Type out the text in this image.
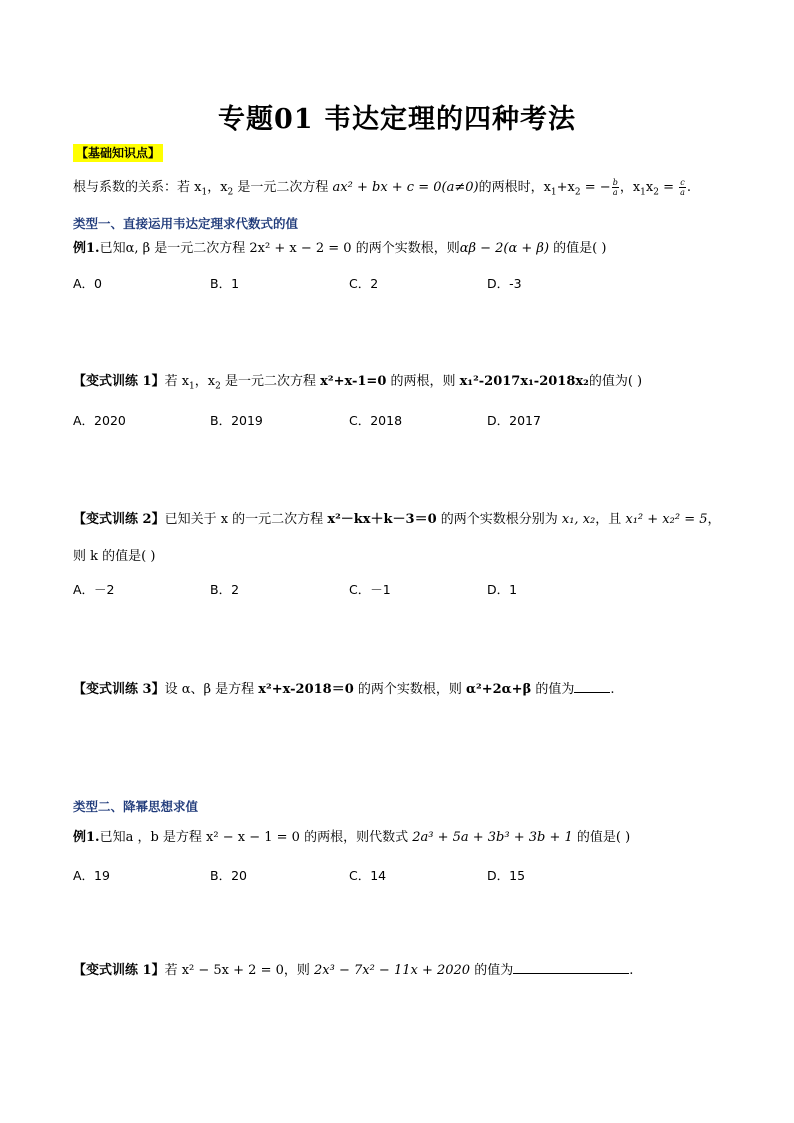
专题01 韦达定理的四种考法
【基础知识点】
根与系数的关系：若 $x_1$，$x_2$ 是一元二次方程 ax² + bx + c = 0(a≠0)的两根时，$x_1+x_2$ = − $\frac{b}{a}$ ，$x_1x_2 = \frac{c}{a}$ .
类型一、直接运用韦达定理求代数式的值
例1.已知α, β 是一元二次方程 2x² + x − 2 = 0 的两个实数根，则αβ − 2(α + β) 的值是( )
A．0	B．1	C．2	D．-3
【变式训练 1】若 $x_1$，$x_2$ 是一元二次方程 x²+x-1=0 的两根，则 x₁²-2017x₁-2018x₂的值为( )
A．2020	B．2019	C．2018	D．2017
【变式训练 2】已知关于 x 的一元二次方程 x²－kx＋k－3＝0 的两个实数根分别为 x₁, x₂，且 x₁² + x₂² = 5，
则 k 的值是( )
A．－2	B．2	C．－1	D．1
【变式训练 3】设 α、β 是方程 x²+x-2018＝0 的两个实数根，则 α²+2α+β 的值为	.
类型二、降幂思想求值
例1.已知a ，b 是方程 x² − x − 1 = 0 的两根，则代数式 2a³ + 5a + 3b³ + 3b + 1 的值是( )
A．19	B．20	C．14	D．15
【变式训练 1】若 x² − 5x + 2 = 0，则 2x³ − 7x² − 11x + 2020 的值为	.
